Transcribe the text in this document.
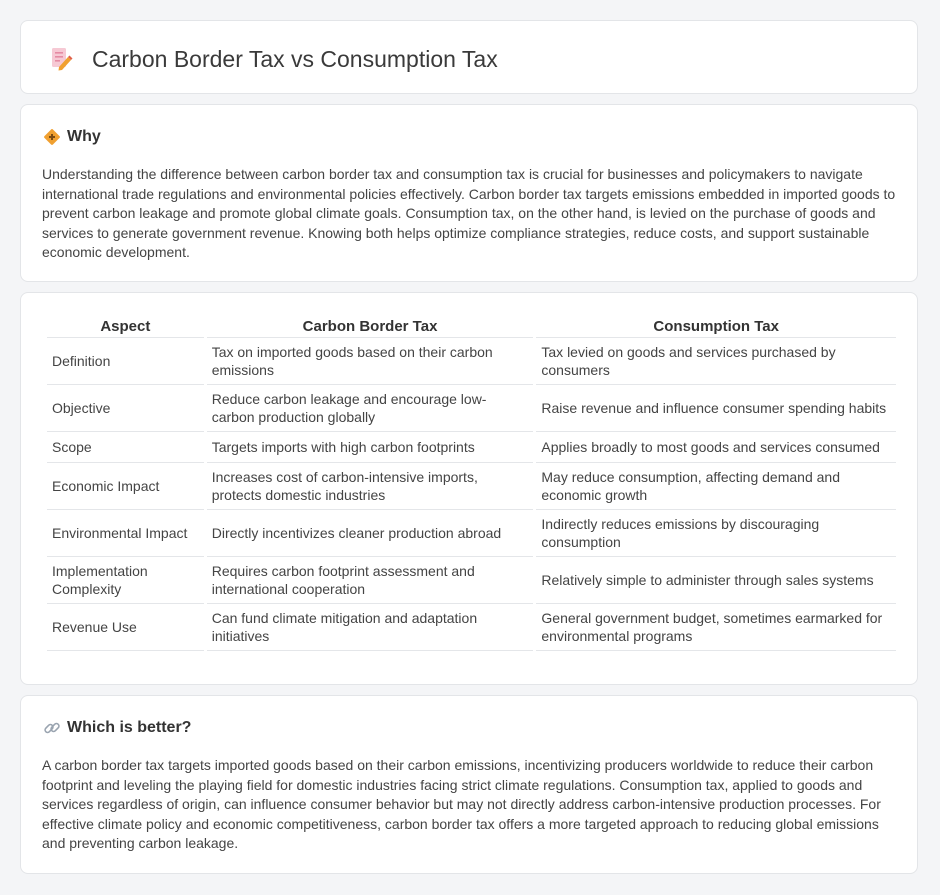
Carbon Border Tax vs Consumption Tax
Why

Understanding the difference between carbon border tax and consumption tax is crucial for businesses and policymakers to navigate international trade regulations and environmental policies effectively. Carbon border tax targets emissions embedded in imported goods to prevent carbon leakage and promote global climate goals. Consumption tax, on the other hand, is levied on the purchase of goods and services to generate government revenue. Knowing both helps optimize compliance strategies, reduce costs, and support sustainable economic development.

Aspect	Carbon Border Tax	Consumption Tax
Definition	Tax on imported goods based on their carbon emissions	Tax levied on goods and services purchased by consumers
Objective	Reduce carbon leakage and encourage low-carbon production globally	Raise revenue and influence consumer spending habits
Scope	Targets imports with high carbon footprints	Applies broadly to most goods and services consumed
Economic Impact	Increases cost of carbon-intensive imports, protects domestic industries	May reduce consumption, affecting demand and economic growth
Environmental Impact	Directly incentivizes cleaner production abroad	Indirectly reduces emissions by discouraging consumption
Implementation Complexity	Requires carbon footprint assessment and international cooperation	Relatively simple to administer through sales systems
Revenue Use	Can fund climate mitigation and adaptation initiatives	General government budget, sometimes earmarked for environmental programs
Which is better?

A carbon border tax targets imported goods based on their carbon emissions, incentivizing producers worldwide to reduce their carbon footprint and leveling the playing field for domestic industries facing strict climate regulations. Consumption tax, applied to goods and services regardless of origin, can influence consumer behavior but may not directly address carbon-intensive production processes. For effective climate policy and economic competitiveness, carbon border tax offers a more targeted approach to reducing global emissions and preventing carbon leakage.
